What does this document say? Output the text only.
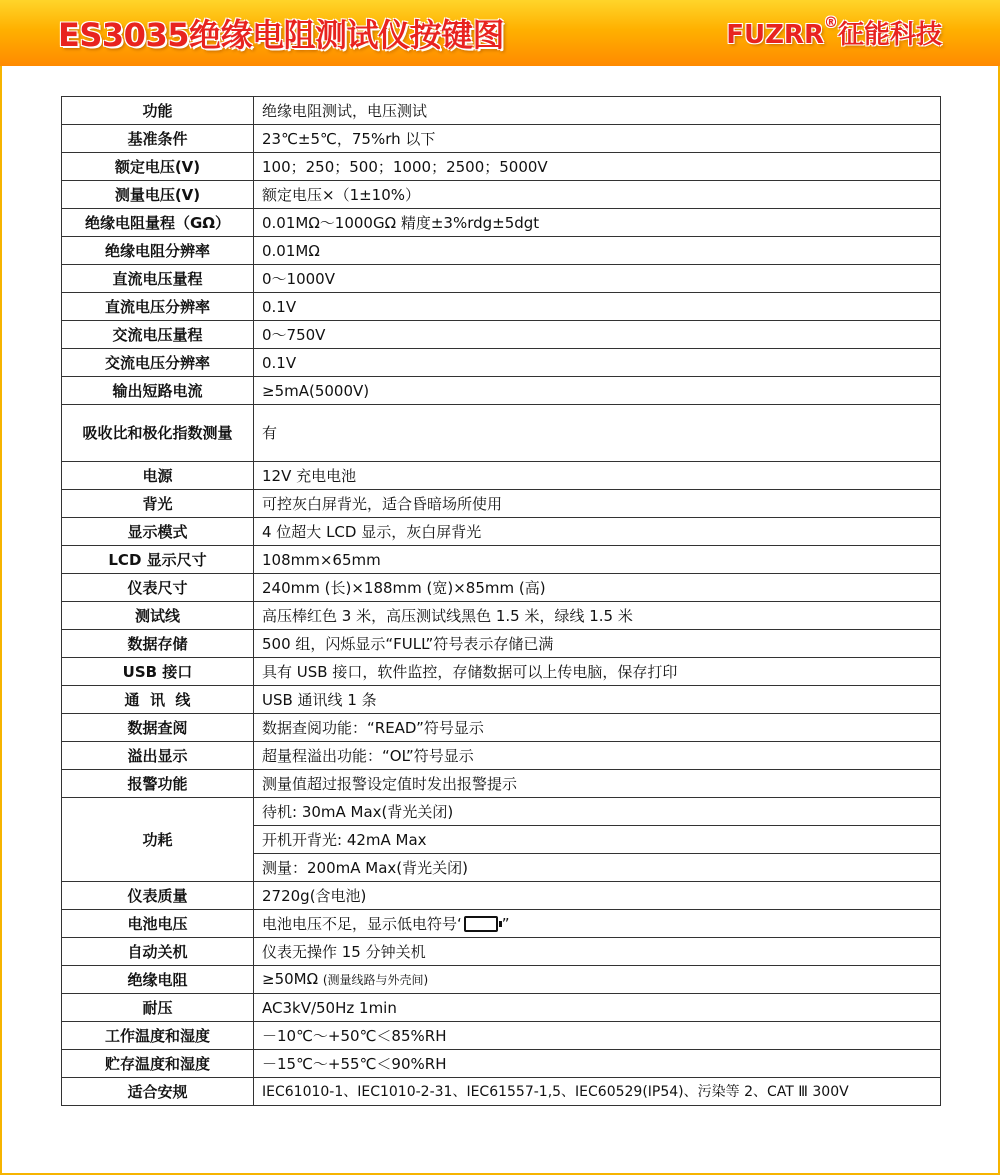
ES3035绝缘电阻测试仪按键图	FUZRR®征能科技
功能	绝缘电阻测试，电压测试
基准条件	23℃±5℃，75%rh 以下
额定电压(V)	100；250；500；1000；2500；5000V
测量电压(V)	额定电压×（1±10%）
绝缘电阻量程（GΩ）	0.01MΩ～1000GΩ 精度±3%rdg±5dgt
绝缘电阻分辨率	0.01MΩ
直流电压量程	0～1000V
直流电压分辨率	0.1V
交流电压量程	0～750V
交流电压分辨率	0.1V
输出短路电流	≥5mA(5000V)
吸收比和极化指数测量	有
电源	12V 充电电池
背光	可控灰白屏背光，适合昏暗场所使用
显示模式	4 位超大 LCD 显示，灰白屏背光
LCD 显示尺寸	108mm×65mm
仪表尺寸	240mm (长)×188mm (宽)×85mm (高)
测试线	高压棒红色 3 米，高压测试线黑色 1.5 米，绿线 1.5 米
数据存储	500 组，闪烁显示“FULL”符号表示存储已满
USB 接口	具有 USB 接口，软件监控，存储数据可以上传电脑，保存打印
通  讯  线	USB 通讯线 1 条
数据查阅	数据查阅功能：“READ”符号显示
溢出显示	超量程溢出功能：“OL”符号显示
报警功能	测量值超过报警设定值时发出报警提示
功耗	待机: 30mA Max(背光关闭)
	开机开背光: 42mA Max
	测量：200mA Max(背光关闭)
仪表质量	2720g(含电池)
电池电压	电池电压不足，显示低电符号‘ ”
自动关机	仪表无操作 15 分钟关机
绝缘电阻	≥50MΩ (测量线路与外壳间)
耐压	AC3kV/50Hz 1min
工作温度和湿度	－10℃～+50℃＜85%RH
贮存温度和湿度	－15℃～+55℃＜90%RH
适合安规	IEC61010-1、IEC1010-2-31、IEC61557-1,5、IEC60529(IP54)、污染等 2、CAT Ⅲ 300V
